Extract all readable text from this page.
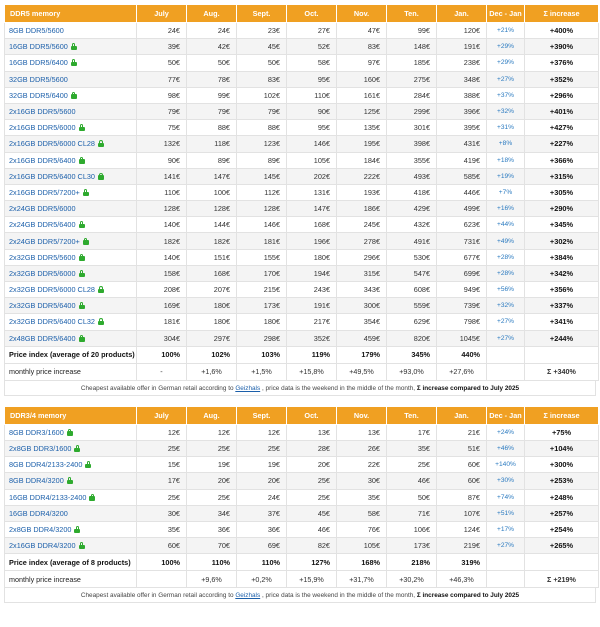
DDR5 memory	July	Aug.	Sept.	Oct.	Nov.	Ten.	Jan.	Dec - Jan	Σ increase
8GB DDR5/5600	24€	24€	23€	27€	47€	99€	120€	+21%	+400%
16GB DDR5/5600	39€	42€	45€	52€	83€	148€	191€	+29%	+390%
16GB DDR5/6400	50€	50€	50€	58€	97€	185€	238€	+29%	+376%
32GB DDR5/5600	77€	78€	83€	95€	160€	275€	348€	+27%	+352%
32GB DDR5/6400	98€	99€	102€	110€	161€	284€	388€	+37%	+296%
2x16GB DDR5/5600	79€	79€	79€	90€	125€	299€	396€	+32%	+401%
2x16GB DDR5/6000	75€	88€	88€	95€	135€	301€	395€	+31%	+427%
2x16GB DDR5/6000 CL28	132€	118€	123€	146€	195€	398€	431€	+8%	+227%
2x16GB DDR5/6400	90€	89€	89€	105€	184€	355€	419€	+18%	+366%
2x16GB DDR5/6400 CL30	141€	147€	145€	202€	222€	493€	585€	+19%	+315%
2x16GB DDR5/7200+	110€	100€	112€	131€	193€	418€	446€	+7%	+305%
2x24GB DDR5/6000	128€	128€	128€	147€	186€	429€	499€	+16%	+290%
2x24GB DDR5/6400	140€	144€	146€	168€	245€	432€	623€	+44%	+345%
2x24GB DDR5/7200+	182€	182€	181€	196€	278€	491€	731€	+49%	+302%
2x32GB DDR5/5600	140€	151€	155€	180€	296€	530€	677€	+28%	+384%
2x32GB DDR5/6000	158€	168€	170€	194€	315€	547€	699€	+28%	+342%
2x32GB DDR5/6000 CL28	208€	207€	215€	243€	343€	608€	949€	+56%	+356%
2x32GB DDR5/6400	169€	180€	173€	191€	300€	559€	739€	+32%	+337%
2x32GB DDR5/6400 CL32	181€	180€	180€	217€	354€	629€	798€	+27%	+341%
2x48GB DDR5/6400	304€	297€	298€	352€	459€	820€	1045€	+27%	+244%
Price index (average of 20 products)	100%	102%	103%	119%	179%	345%	440%		
monthly price increase	-	+1,6%	+1,5%	+15,8%	+49,5%	+93,0%	+27,6%		Σ +340%
Cheapest available offer in German retail according to Geizhals , price data is the weekend in the middle of the month, Σ increase compared to July 2025
DDR3/4 memory	July	Aug.	Sept.	Oct.	Nov.	Ten.	Jan.	Dec - Jan	Σ increase
8GB DDR3/1600	12€	12€	12€	13€	13€	17€	21€	+24%	+75%
2x8GB DDR3/1600	25€	25€	25€	28€	26€	35€	51€	+46%	+104%
8GB DDR4/2133-2400	15€	19€	19€	20€	22€	25€	60€	+140%	+300%
8GB DDR4/3200	17€	20€	20€	25€	30€	46€	60€	+30%	+253%
16GB DDR4/2133-2400	25€	25€	24€	25€	35€	50€	87€	+74%	+248%
16GB DDR4/3200	30€	34€	37€	45€	58€	71€	107€	+51%	+257%
2x8GB DDR4/3200	35€	36€	36€	46€	76€	106€	124€	+17%	+254%
2x16GB DDR4/3200	60€	70€	69€	82€	105€	173€	219€	+27%	+265%
Price index (average of 8 products)	100%	110%	110%	127%	168%	218%	319%		
monthly price increase		+9,6%	+0,2%	+15,9%	+31,7%	+30,2%	+46,3%		Σ +219%
Cheapest available offer in German retail according to Geizhals , price data is the weekend in the middle of the month, Σ increase compared to July 2025
